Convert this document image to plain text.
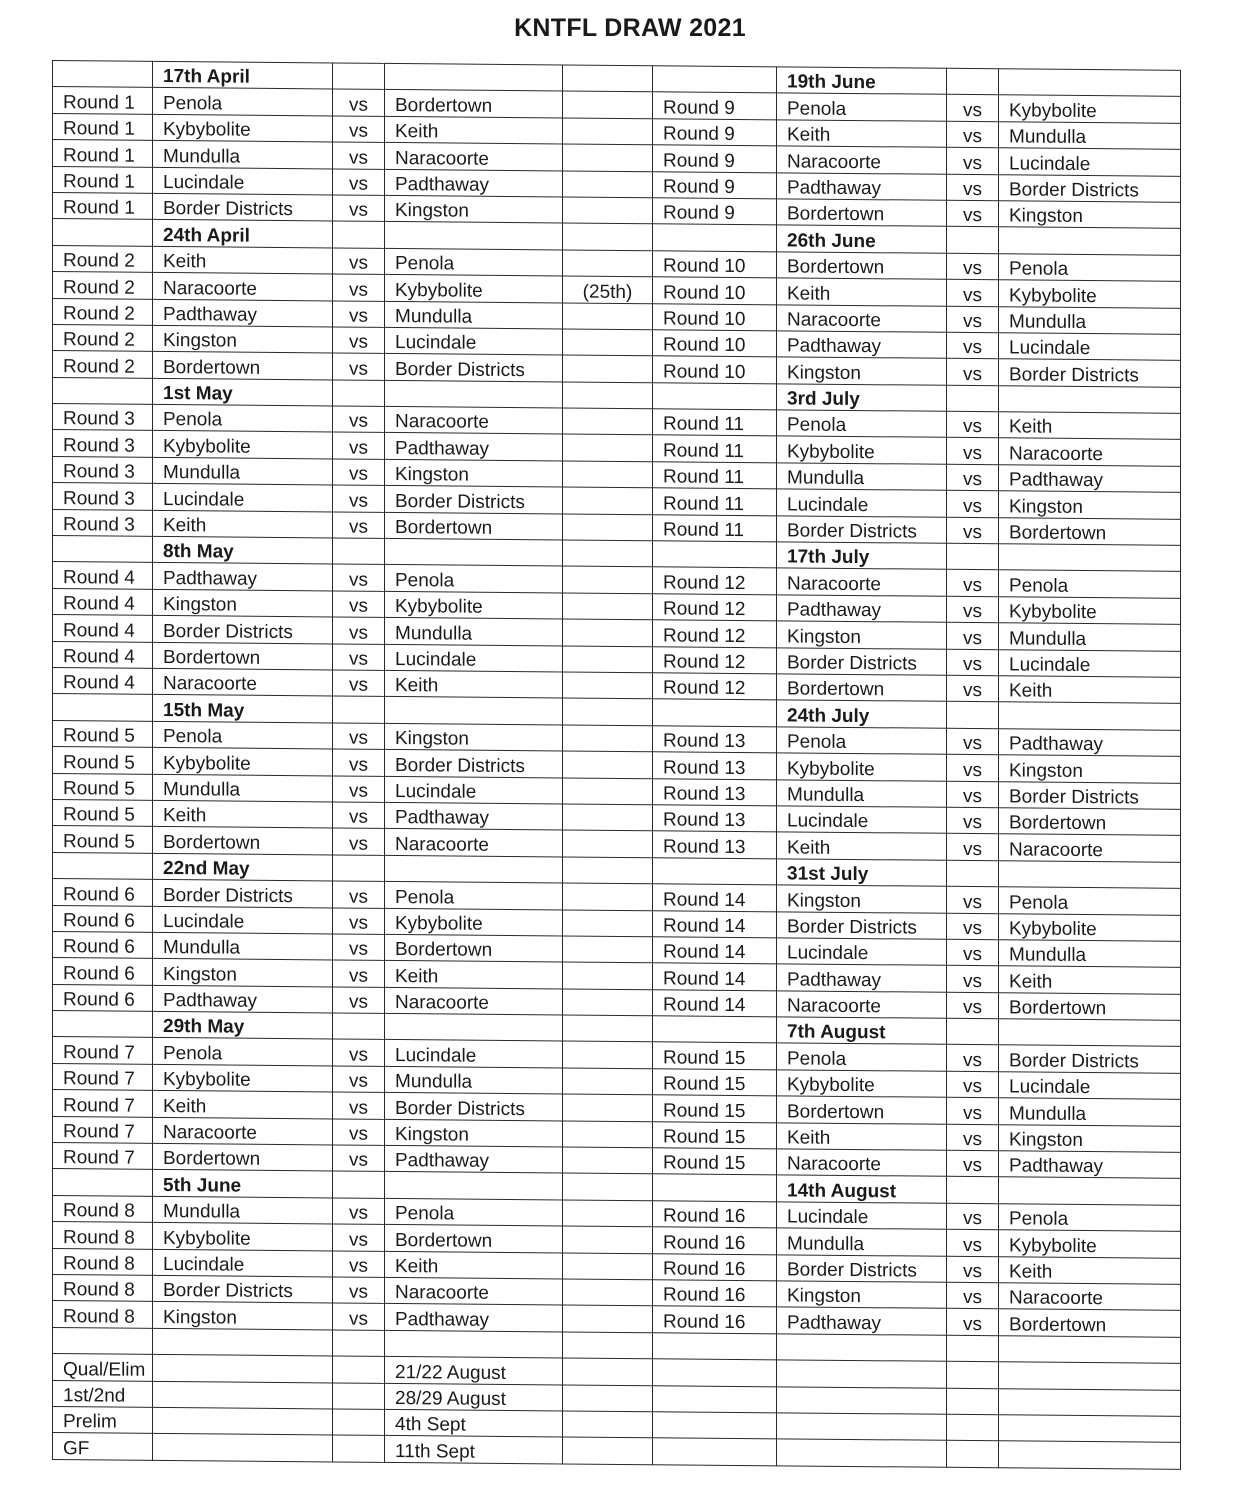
KNTFL DRAW 2021
	17th April					19th June		
Round 1	Penola	vs	Bordertown		Round 9	Penola	vs	Kybybolite
Round 1	Kybybolite	vs	Keith		Round 9	Keith	vs	Mundulla
Round 1	Mundulla	vs	Naracoorte		Round 9	Naracoorte	vs	Lucindale
Round 1	Lucindale	vs	Padthaway		Round 9	Padthaway	vs	Border Districts
Round 1	Border Districts	vs	Kingston		Round 9	Bordertown	vs	Kingston
	24th April					26th June		
Round 2	Keith	vs	Penola		Round 10	Bordertown	vs	Penola
Round 2	Naracoorte	vs	Kybybolite	(25th)	Round 10	Keith	vs	Kybybolite
Round 2	Padthaway	vs	Mundulla		Round 10	Naracoorte	vs	Mundulla
Round 2	Kingston	vs	Lucindale		Round 10	Padthaway	vs	Lucindale
Round 2	Bordertown	vs	Border Districts		Round 10	Kingston	vs	Border Districts
	1st May					3rd July		
Round 3	Penola	vs	Naracoorte		Round 11	Penola	vs	Keith
Round 3	Kybybolite	vs	Padthaway		Round 11	Kybybolite	vs	Naracoorte
Round 3	Mundulla	vs	Kingston		Round 11	Mundulla	vs	Padthaway
Round 3	Lucindale	vs	Border Districts		Round 11	Lucindale	vs	Kingston
Round 3	Keith	vs	Bordertown		Round 11	Border Districts	vs	Bordertown
	8th May					17th July		
Round 4	Padthaway	vs	Penola		Round 12	Naracoorte	vs	Penola
Round 4	Kingston	vs	Kybybolite		Round 12	Padthaway	vs	Kybybolite
Round 4	Border Districts	vs	Mundulla		Round 12	Kingston	vs	Mundulla
Round 4	Bordertown	vs	Lucindale		Round 12	Border Districts	vs	Lucindale
Round 4	Naracoorte	vs	Keith		Round 12	Bordertown	vs	Keith
	15th May					24th July		
Round 5	Penola	vs	Kingston		Round 13	Penola	vs	Padthaway
Round 5	Kybybolite	vs	Border Districts		Round 13	Kybybolite	vs	Kingston
Round 5	Mundulla	vs	Lucindale		Round 13	Mundulla	vs	Border Districts
Round 5	Keith	vs	Padthaway		Round 13	Lucindale	vs	Bordertown
Round 5	Bordertown	vs	Naracoorte		Round 13	Keith	vs	Naracoorte
	22nd May					31st July		
Round 6	Border Districts	vs	Penola		Round 14	Kingston	vs	Penola
Round 6	Lucindale	vs	Kybybolite		Round 14	Border Districts	vs	Kybybolite
Round 6	Mundulla	vs	Bordertown		Round 14	Lucindale	vs	Mundulla
Round 6	Kingston	vs	Keith		Round 14	Padthaway	vs	Keith
Round 6	Padthaway	vs	Naracoorte		Round 14	Naracoorte	vs	Bordertown
	29th May					7th August		
Round 7	Penola	vs	Lucindale		Round 15	Penola	vs	Border Districts
Round 7	Kybybolite	vs	Mundulla		Round 15	Kybybolite	vs	Lucindale
Round 7	Keith	vs	Border Districts		Round 15	Bordertown	vs	Mundulla
Round 7	Naracoorte	vs	Kingston		Round 15	Keith	vs	Kingston
Round 7	Bordertown	vs	Padthaway		Round 15	Naracoorte	vs	Padthaway
	5th June					14th August		
Round 8	Mundulla	vs	Penola		Round 16	Lucindale	vs	Penola
Round 8	Kybybolite	vs	Bordertown		Round 16	Mundulla	vs	Kybybolite
Round 8	Lucindale	vs	Keith		Round 16	Border Districts	vs	Keith
Round 8	Border Districts	vs	Naracoorte		Round 16	Kingston	vs	Naracoorte
Round 8	Kingston	vs	Padthaway		Round 16	Padthaway	vs	Bordertown

Qual/Elim			21/22 August					
1st/2nd			28/29 August					
Prelim			4th Sept					
GF			11th Sept					
